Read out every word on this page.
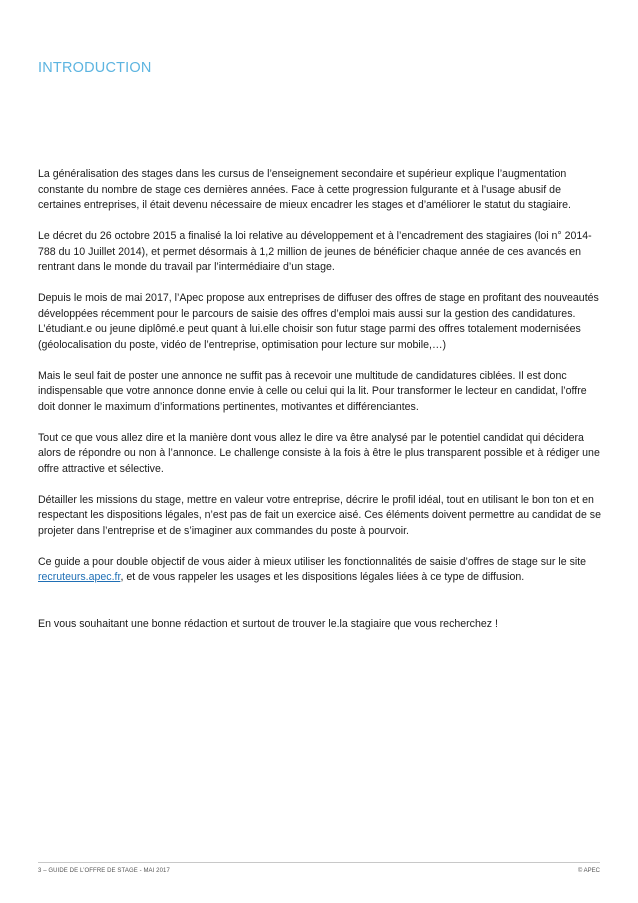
INTRODUCTION

La généralisation des stages dans les cursus de l’enseignement secondaire et supérieur explique l’augmentation constante du nombre de stage ces dernières années. Face à cette progression fulgurante et à l’usage abusif de certaines entreprises, il était devenu nécessaire de mieux encadrer les stages et d’améliorer le statut du stagiaire.

Le décret du 26 octobre 2015 a finalisé la loi relative au développement et à l’encadrement des stagiaires (loi n° 2014-788 du 10 Juillet 2014), et permet désormais à 1,2 million de jeunes de bénéficier chaque année de ces avancés en rentrant dans le monde du travail par l’intermédiaire d’un stage.

Depuis le mois de mai 2017, l’Apec propose aux entreprises de diffuser des offres de stage en profitant des nouveautés développées récemment pour le parcours de saisie des offres d’emploi mais aussi sur la gestion des candidatures. L’étudiant.e ou jeune diplômé.e peut quant à lui.elle choisir son futur stage parmi des offres totalement modernisées (géolocalisation du poste, vidéo de l’entreprise, optimisation pour lecture sur mobile,…)

Mais le seul fait de poster une annonce ne suffit pas à recevoir une multitude de candidatures ciblées. Il est donc indispensable que votre annonce donne envie à celle ou celui qui la lit. Pour transformer le lecteur en candidat, l’offre doit donner le maximum d’informations pertinentes, motivantes et différenciantes.

Tout ce que vous allez dire et la manière dont vous allez le dire va être analysé par le potentiel candidat qui décidera alors de répondre ou non à l’annonce. Le challenge consiste à la fois à être le plus transparent possible et à rédiger une offre attractive et sélective.

Détailler les missions du stage, mettre en valeur votre entreprise, décrire le profil idéal, tout en utilisant le bon ton et en respectant les dispositions légales, n’est pas de fait un exercice aisé. Ces éléments doivent permettre au candidat de se projeter dans l’entreprise et de s’imaginer aux commandes du poste à pourvoir.

Ce guide a pour double objectif de vous aider à mieux utiliser les fonctionnalités de saisie d’offres de stage sur le site recruteurs.apec.fr, et de vous rappeler les usages et les dispositions légales liées à ce type de diffusion.

En vous souhaitant une bonne rédaction et surtout de trouver le.la stagiaire que vous recherchez !

3 – GUIDE DE L’OFFRE DE STAGE - MAI 2017	© APEC
